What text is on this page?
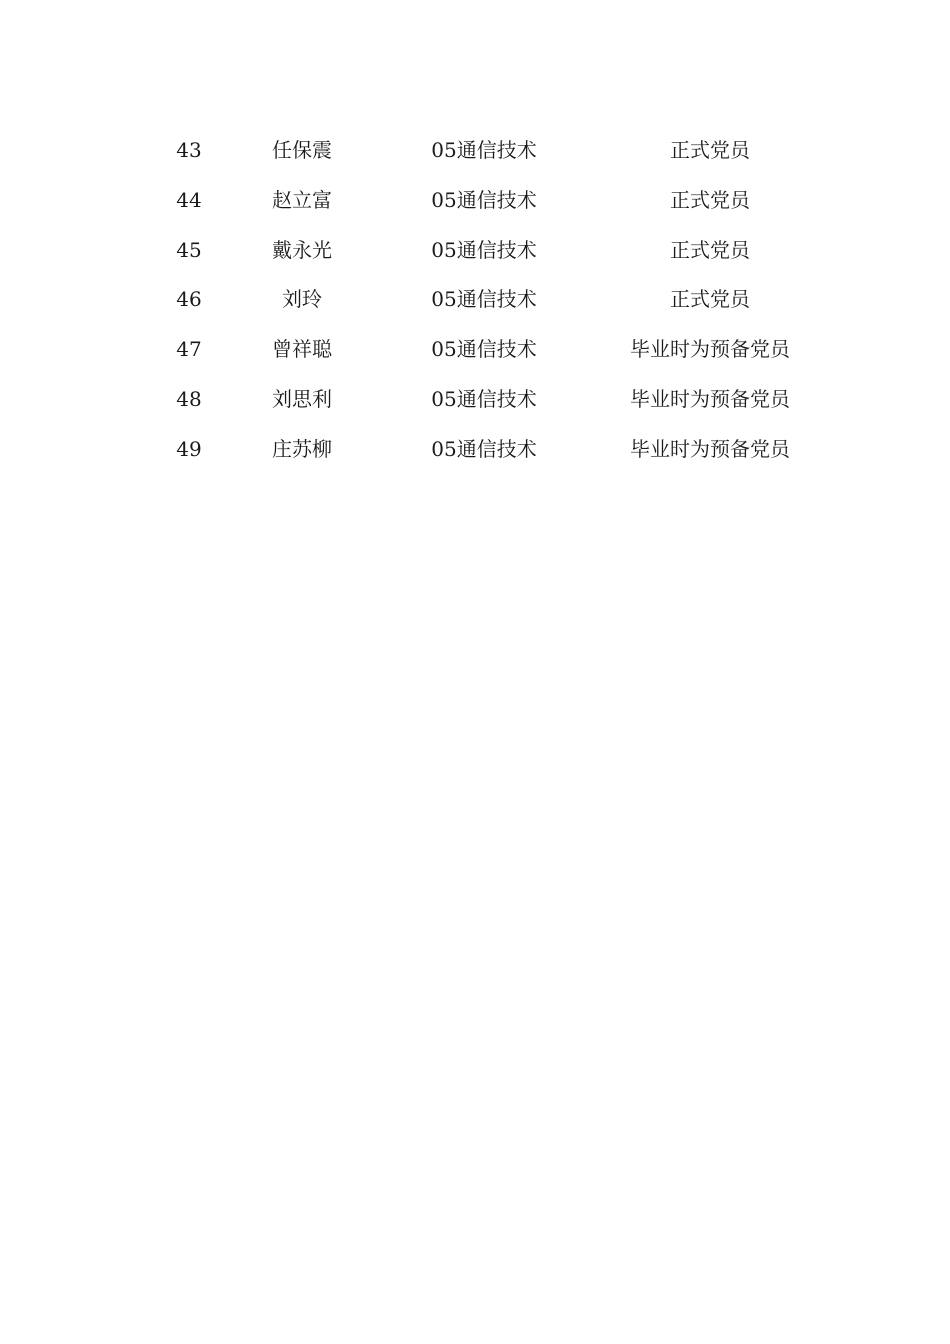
43	任保震	05通信技术	正式党员
44	赵立富	05通信技术	正式党员
45	戴永光	05通信技术	正式党员
46	刘玲	05通信技术	正式党员
47	曾祥聪	05通信技术	毕业时为预备党员
48	刘思利	05通信技术	毕业时为预备党员
49	庄苏柳	05通信技术	毕业时为预备党员
